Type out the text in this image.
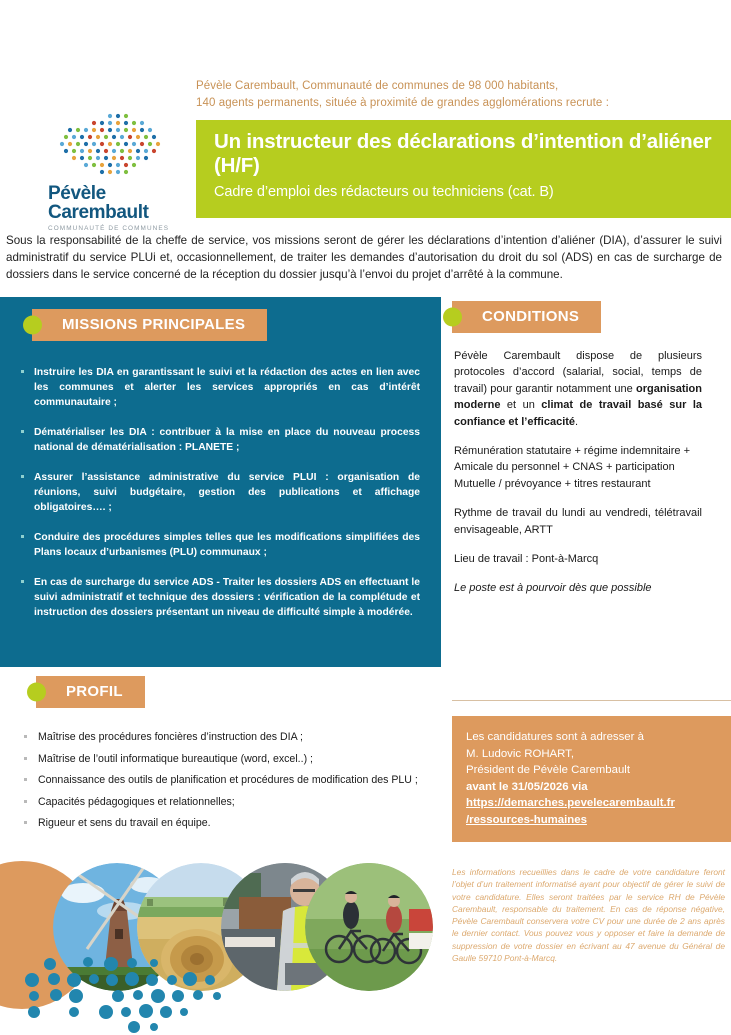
Pévèle Carembault, Communauté de communes de 98 000 habitants,
140 agents permanents, située à proximité de grandes agglomérations recrute :
Pévèle
Carembault
COMMUNAUTÉ DE COMMUNES
Un instructeur des déclarations d’intention d’aliéner (H/F)
Cadre d’emploi des rédacteurs ou techniciens (cat. B)
Sous la responsabilité de la cheffe de service, vos missions seront de gérer les déclarations d’intention d’aliéner (DIA), d’assurer le suivi administratif du service PLUi et, occasionnellement, de traiter les demandes d’autorisation du droit du sol (ADS) en cas de surcharge de dossiers dans le service concerné de la réception du dossier jusqu’à l’envoi du projet d’arrêté à la commune.
MISSIONS PRINCIPALES
Instruire les DIA en garantissant le suivi et la rédaction des actes en lien avec les communes et alerter les services appropriés en cas d’intérêt communautaire ;
Dématérialiser les DIA : contribuer à la mise en place du nouveau process national de dématérialisation : PLANETE ;
Assurer l’assistance administrative du service PLUI : organisation de réunions, suivi budgétaire, gestion des publications et affichage obligatoires…. ;
Conduire des procédures simples telles que les modifications simplifiées des Plans locaux d’urbanismes (PLU) communaux ;
En cas de surcharge du service ADS - Traiter les dossiers ADS en effectuant le suivi administratif et technique des dossiers : vérification de la complétude et instruction des dossiers présentant un niveau de difficulté simple à modérée.
CONDITIONS

Pévèle Carembault dispose de plusieurs protocoles d’accord (salarial, social, temps de travail) pour garantir notamment une organisation moderne et un climat de travail basé sur la confiance et l’efficacité.

Rémunération statutaire + régime indemnitaire + Amicale du personnel + CNAS + participation Mutuelle / prévoyance + titres restaurant

Rythme de travail du lundi au vendredi, télétravail envisageable, ARTT

Lieu de travail : Pont-à-Marcq

Le poste est à pourvoir dès que possible

PROFIL
Maîtrise des procédures foncières d’instruction des DIA ;
Maîtrise de l’outil informatique bureautique (word, excel..) ;
Connaissance des outils de planification et procédures de modification des PLU ;
Capacités pédagogiques et relationnelles;
Rigueur et sens du travail en équipe.
Les candidatures sont à adresser à
M. Ludovic ROHART,
Président de Pévèle Carembault
avant le 31/05/2026 via
https://demarches.pevelecarembault.fr
/ressources-humaines
Les informations recueillies dans le cadre de votre candidature feront l’objet d’un traitement informatisé ayant pour objectif de gérer le suivi de votre candidature. Elles seront traitées par le service RH de Pévèle Carembault, responsable du traitement. En cas de réponse négative, Pévèle Carembault conservera votre CV pour une durée de 2 ans après le dernier contact. Vous pouvez vous y opposer et faire la demande de suppression de votre dossier en écrivant au 47 avenue du Général de Gaulle 59710 Pont-à-Marcq.
